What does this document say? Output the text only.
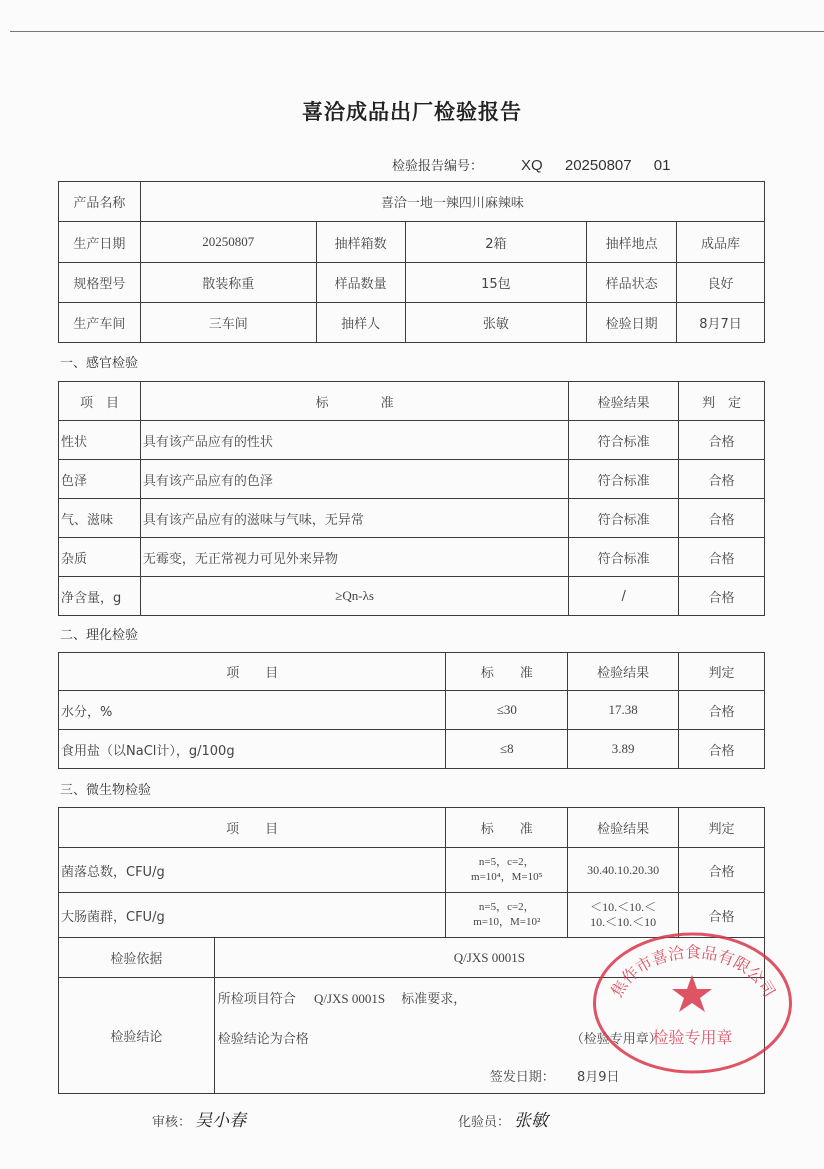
喜洽成品出厂检验报告
检验报告编号：	XQ 20250807 01
产品名称	喜洽一地一辣四川麻辣味				
生产日期	20250807	抽样箱数	2箱	抽样地点	成品库
规格型号	散装称重	样品数量	15包	样品状态	良好
生产车间	三车间	抽样人	张敏	检验日期	8月7日
一、感官检验
项　目	标　　　　准	检验结果	判　定
性状	具有该产品应有的性状	符合标准	合格
色泽	具有该产品应有的色泽	符合标准	合格
气、滋味	具有该产品应有的滋味与气味，无异常	符合标准	合格
杂质	无霉变，无正常视力可见外来异物	符合标准	合格
净含量，g	≥Qn-λs	/	合格
二、理化检验
项　　目	标　　准	检验结果	判定
水分，%	≤30	17.38	合格
食用盐（以NaCl计），g/100g	≤8	3.89	合格
三、微生物检验
项　　目	标　　准	检验结果	判定
菌落总数，CFU/g	n=5，c=2，
m=10⁴，M=10⁵	30.40.10.20.30	合格
大肠菌群，CFU/g	n=5，c=2，
m=10，M=10²	＜10.＜10.＜
10.＜10.＜10	合格
检验依据	Q/JXS 0001S
检验结论	所检项目符合 Q/JXS 0001S 标准要求，
检验结论为合格 （检验专用章）
签发日期： 8月9日
焦作市喜洽食品有限公司
检验专用章
审核： 吴小春	化验员： 张敏
